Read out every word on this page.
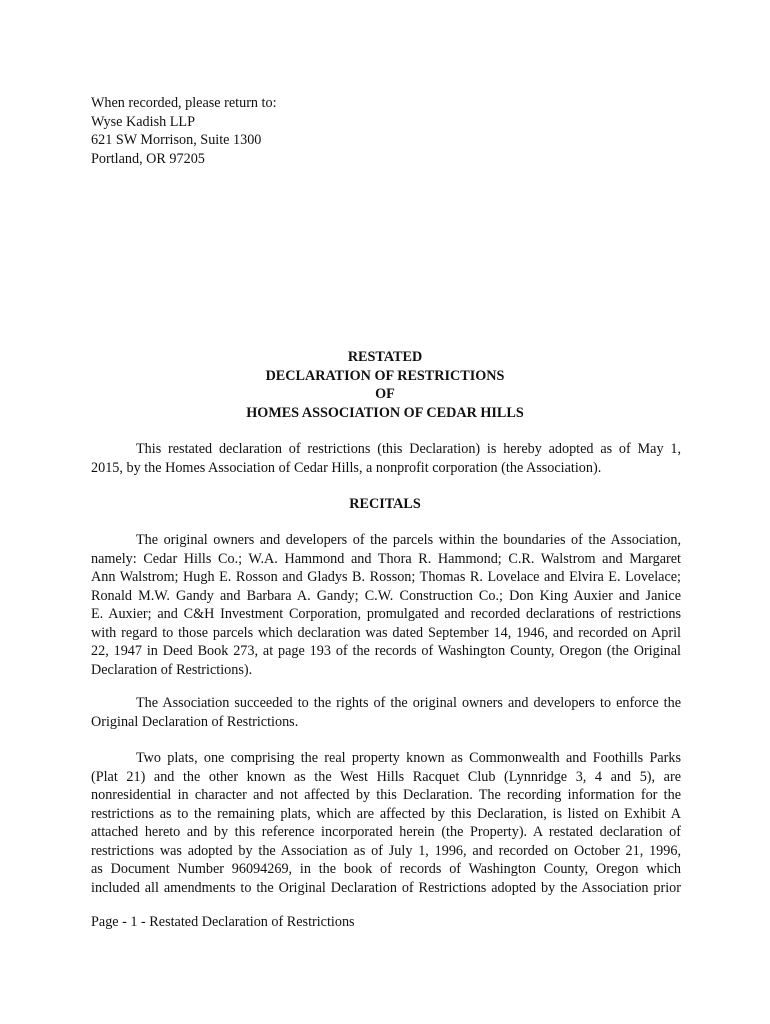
When recorded, please return to:
Wyse Kadish LLP
621 SW Morrison, Suite 1300
Portland, OR 97205
RESTATED
DECLARATION OF RESTRICTIONS
OF
HOMES ASSOCIATION OF CEDAR HILLS
This restated declaration of restrictions (this Declaration) is hereby adopted as of May 1,
2015, by the Homes Association of Cedar Hills, a nonprofit corporation (the Association).
RECITALS
The original owners and developers of the parcels within the boundaries of the Association,
namely: Cedar Hills Co.; W.A. Hammond and Thora R. Hammond; C.R. Walstrom and Margaret
Ann Walstrom; Hugh E. Rosson and Gladys B. Rosson; Thomas R. Lovelace and Elvira E. Lovelace;
Ronald M.W. Gandy and Barbara A. Gandy; C.W. Construction Co.; Don King Auxier and Janice
E. Auxier; and C&H Investment Corporation, promulgated and recorded declarations of restrictions
with regard to those parcels which declaration was dated September 14, 1946, and recorded on April
22, 1947 in Deed Book 273, at page 193 of the records of Washington County, Oregon (the Original
Declaration of Restrictions).
The Association succeeded to the rights of the original owners and developers to enforce the
Original Declaration of Restrictions.
Two plats, one comprising the real property known as Commonwealth and Foothills Parks
(Plat 21) and the other known as the West Hills Racquet Club (Lynnridge 3, 4 and 5), are
nonresidential in character and not affected by this Declaration. The recording information for the
restrictions as to the remaining plats, which are affected by this Declaration, is listed on Exhibit A
attached hereto and by this reference incorporated herein (the Property). A restated declaration of
restrictions was adopted by the Association as of July 1, 1996, and recorded on October 21, 1996,
as Document Number 96094269, in the book of records of Washington County, Oregon which
included all amendments to the Original Declaration of Restrictions adopted by the Association prior
Page - 1 - Restated Declaration of Restrictions
